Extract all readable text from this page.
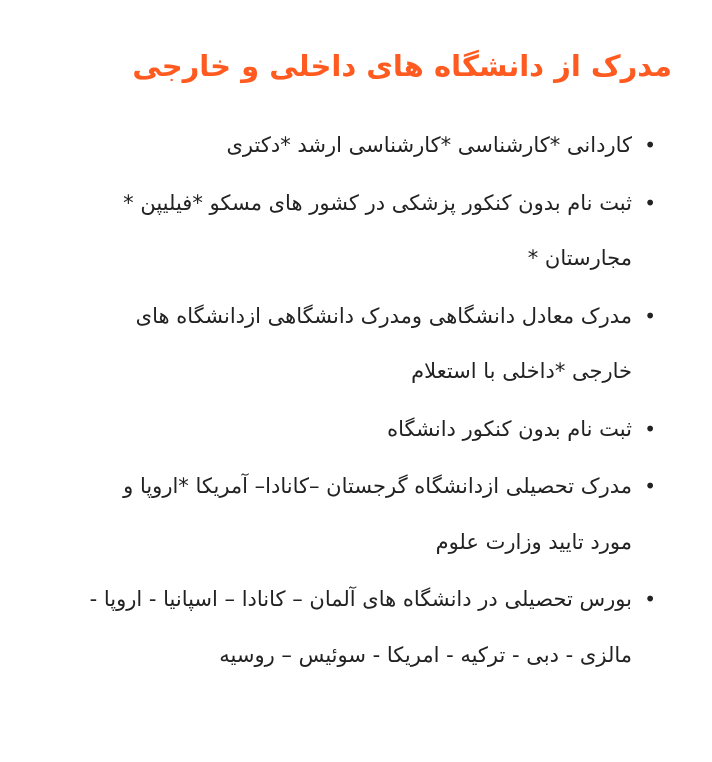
مدرک از دانشگاه های داخلی و خارجی
•
کاردانی *کارشناسی *کارشناسی ارشد *دکتری
•
ثبت نام بدون کنکور پزشکی در کشور های مسکو *فیلیپن * مجارستان *
•
مدرک معادل دانشگاهی ومدرک دانشگاهی ازدانشگاه های خارجی *داخلی با استعلام
•
ثبت نام بدون کنکور دانشگاه
•
مدرک تحصیلی ازدانشگاه گرجستان –کانادا– آمریکا *اروپا و مورد تایید وزارت علوم
•
بورس تحصیلی در دانشگاه های آلمان – کانادا – اسپانیا - اروپا - مالزی - دبی - ترکیه - امریکا - سوئیس – روسیه
